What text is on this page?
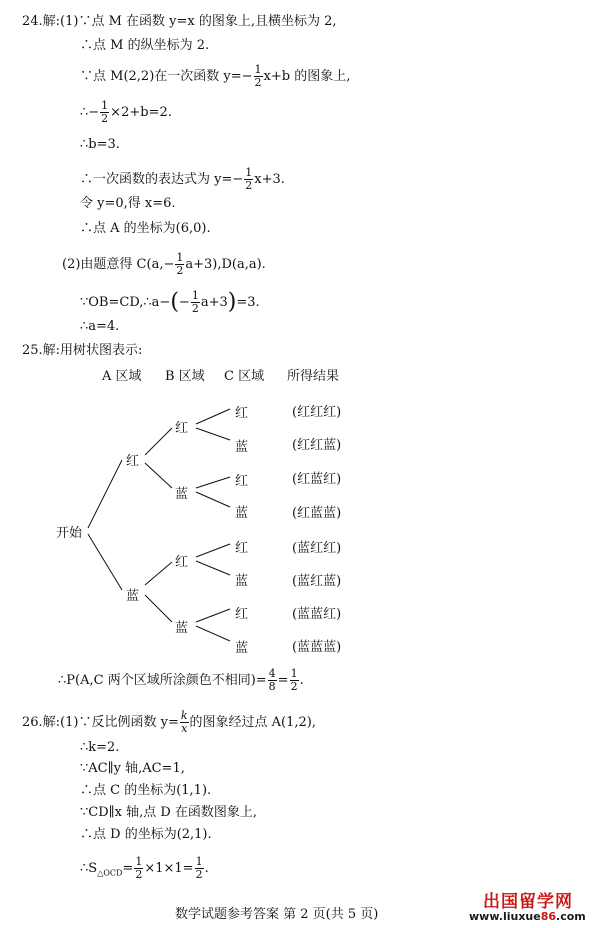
24.解:(1)∵点 M 在函数 y=x 的图象上,且横坐标为 2,
∴点 M 的纵坐标为 2.
∵点 M(2,2)在一次函数 $y=- \frac{1}{2} x+b$ 的图象上,
∴− $\frac{1}{2} \times 2+b=2$.
∴b=3.
∴一次函数的表达式为 $y=- \frac{1}{2} x+3$.
令 y=0,得 x=6.
∴点 A 的坐标为(6,0).
(2)由题意得 $C(a,- \frac{1}{2} a+3),D(a,a)$.
∵OB=CD,∴a−(− $\frac{1}{2} a+3)=3$.
∴a=4.
25.解:用树状图表示:
A 区域 B 区域 C 区域 所得结果
开始
红
蓝
红
蓝
红
蓝
红
蓝
红
蓝
红
蓝
红
蓝
(红红红)
(红红蓝)
(红蓝红)
(红蓝蓝)
(蓝红红)
(蓝红蓝)
(蓝蓝红)
(蓝蓝蓝)
∴P(A,C 两个区域所涂颜色不相同)= $\frac{4}{8} = \frac{1}{2}$ .
26.解:(1)∵反比例函数 $y= \frac{k}{x}$ 的图象经过点 A(1,2),
∴k=2.
∵AC∥y 轴,AC=1,
∴点 C 的坐标为(1,1).
∵CD∥x 轴,点 D 在函数图象上,
∴点 D 的坐标为(2,1).
$\therefore S_{\triangle OCD}= \frac{1}{2} \times 1\times 1= \frac{1}{2}$ .
数学试题参考答案 第 2 页(共 5 页)
出国留学网
www.liuxue86.com
